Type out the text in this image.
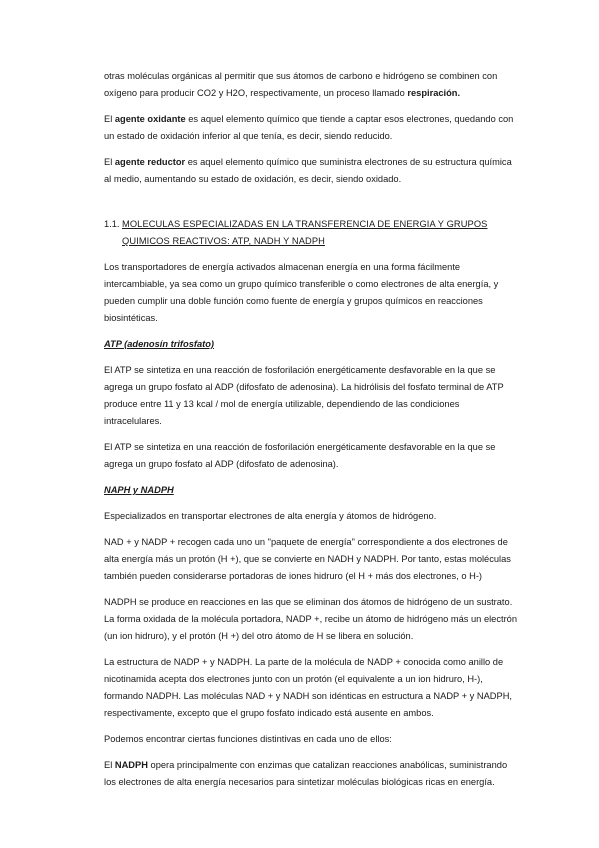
otras moléculas orgánicas al permitir que sus átomos de carbono e hidrógeno se combinen con oxígeno para producir CO2 y H2O, respectivamente, un proceso llamado respiración.

El agente oxidante es aquel elemento químico que tiende a captar esos electrones, quedando con un estado de oxidación inferior al que tenía, es decir, siendo reducido.

El agente reductor es aquel elemento químico que suministra electrones de su estructura química al medio, aumentando su estado de oxidación, es decir, siendo oxidado.

1.1. MOLECULAS ESPECIALIZADAS EN LA TRANSFERENCIA DE ENERGIA Y GRUPOS QUIMICOS REACTIVOS: ATP, NADH Y NADPH

Los transportadores de energía activados almacenan energía en una forma fácilmente intercambiable, ya sea como un grupo químico transferible o como electrones de alta energía, y pueden cumplir una doble función como fuente de energía y grupos químicos en reacciones biosintéticas.

ATP (adenosín trifosfato)

El ATP se sintetiza en una reacción de fosforilación energéticamente desfavorable en la que se agrega un grupo fosfato al ADP (difosfato de adenosina). La hidrólisis del fosfato terminal de ATP produce entre 11 y 13 kcal / mol de energía utilizable, dependiendo de las condiciones intracelulares.

El ATP se sintetiza en una reacción de fosforilación energéticamente desfavorable en la que se agrega un grupo fosfato al ADP (difosfato de adenosina).

NAPH y NADPH

Especializados en transportar electrones de alta energía y átomos de hidrógeno.

NAD + y NADP + recogen cada uno un "paquete de energía" correspondiente a dos electrones de alta energía más un protón (H +), que se convierte en NADH y NADPH. Por tanto, estas moléculas también pueden considerarse portadoras de iones hidruro (el H + más dos electrones, o H-)

NADPH se produce en reacciones en las que se eliminan dos átomos de hidrógeno de un sustrato. La forma oxidada de la molécula portadora, NADP +, recibe un átomo de hidrógeno más un electrón (un ion hidruro), y el protón (H +) del otro átomo de H se libera en solución.

La estructura de NADP + y NADPH. La parte de la molécula de NADP + conocida como anillo de nicotinamida acepta dos electrones junto con un protón (el equivalente a un ion hidruro, H-), formando NADPH. Las moléculas NAD + y NADH son idénticas en estructura a NADP + y NADPH, respectivamente, excepto que el grupo fosfato indicado está ausente en ambos.

Podemos encontrar ciertas funciones distintivas en cada uno de ellos:

El NADPH opera principalmente con enzimas que catalizan reacciones anabólicas, suministrando los electrones de alta energía necesarios para sintetizar moléculas biológicas ricas en energía.
